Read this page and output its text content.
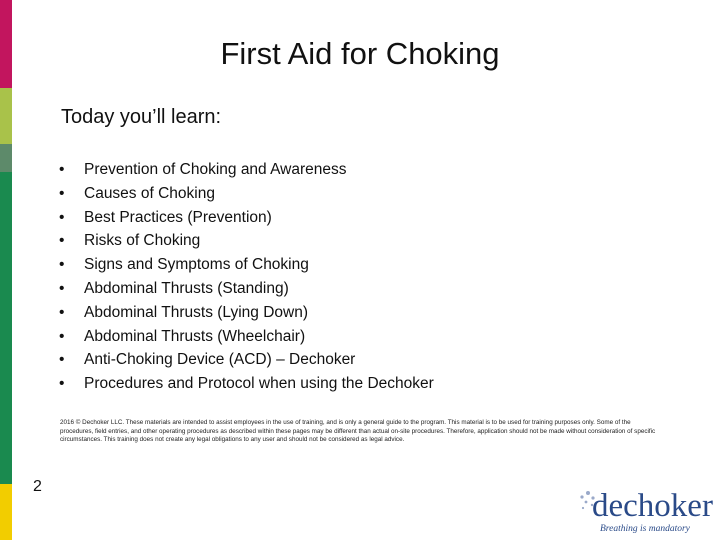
First Aid for Choking
Today you’ll learn:
• Prevention of Choking and Awareness
• Causes of Choking
• Best Practices (Prevention)
• Risks of Choking
• Signs and Symptoms of Choking
• Abdominal Thrusts (Standing)
• Abdominal Thrusts (Lying Down)
• Abdominal Thrusts (Wheelchair)
• Anti-Choking Device (ACD) – Dechoker
• Procedures and Protocol when using the Dechoker
2016 © Dechoker LLC. These materials are intended to assist employees in the use of training, and is only a general guide to the program. This material is to be used for training purposes only. Some of the procedures, field entries, and other operating procedures as described within these pages may be different than actual on-site procedures. Therefore, application should not be made without consideration of specific circumstances. This training does not create any legal obligations to any user and should not be considered as legal advice.
2
dechoker
Breathing is mandatory
